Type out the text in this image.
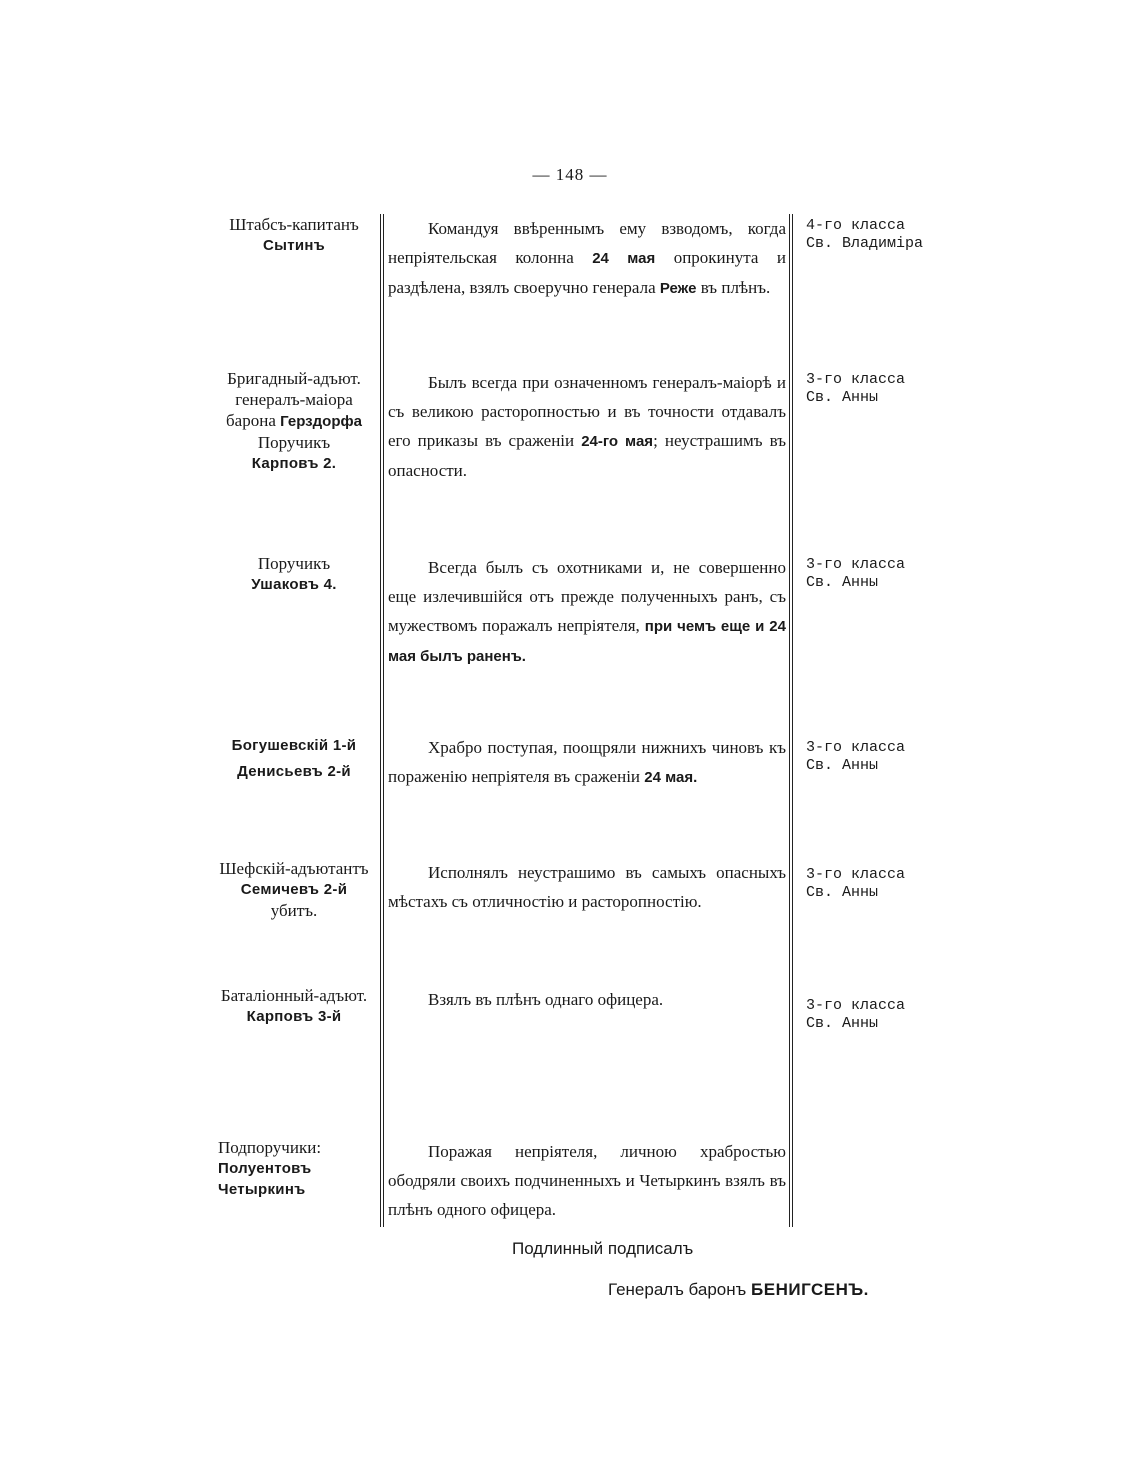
— 148 —
Штабсъ-капитанъ
Сытинъ
Командуя ввѣреннымъ ему взводомъ, когда непріятельская колонна 24 мая опрокинута и раздѣлена, взялъ своеручно генерала Реже въ плѣнъ.
4-го класса
Св. Владиміра
Бригадный-адъют.
генералъ-маіора
барона Герздорфа
Поручикъ
Карповъ 2.
Былъ всегда при означенномъ генералъ-маіорѣ и съ великою расторопностью и въ точности отдавалъ его приказы въ сраженіи 24-го мая; неустрашимъ въ опасности.
3-го класса
Св. Анны
Поручикъ
Ушаковъ 4.
Всегда былъ съ охотниками и, не совершенно еще излечившійся отъ прежде полученныхъ ранъ, съ мужествомъ поражалъ непріятеля, при чемъ еще и 24 мая былъ раненъ.
3-го класса
Св. Анны
Богушевскій 1-й
Денисьевъ 2-й
Храбро поступая, поощряли нижнихъ чиновъ къ пораженію непріятеля въ сраженіи 24 мая.
3-го класса
Св. Анны
Шефскій-адъютантъ
Семичевъ 2-й
убитъ.
Исполнялъ неустрашимо въ самыхъ опасныхъ мѣстахъ съ отличностію и расторопностію.
3-го класса
Св. Анны
Баталіонный-адъют.
Карповъ 3-й
Взялъ въ плѣнъ однаго офицера.	3-го класса
Св. Анны
Подпоручики:
Полуентовъ
Четыркинъ
Поражая непріятеля, личною храбростью ободряли своихъ подчиненныхъ и Четыркинъ взялъ въ плѣнъ одного офицера.
Подлинный подписалъ
Генералъ баронъ БЕНИГСЕНЪ.
